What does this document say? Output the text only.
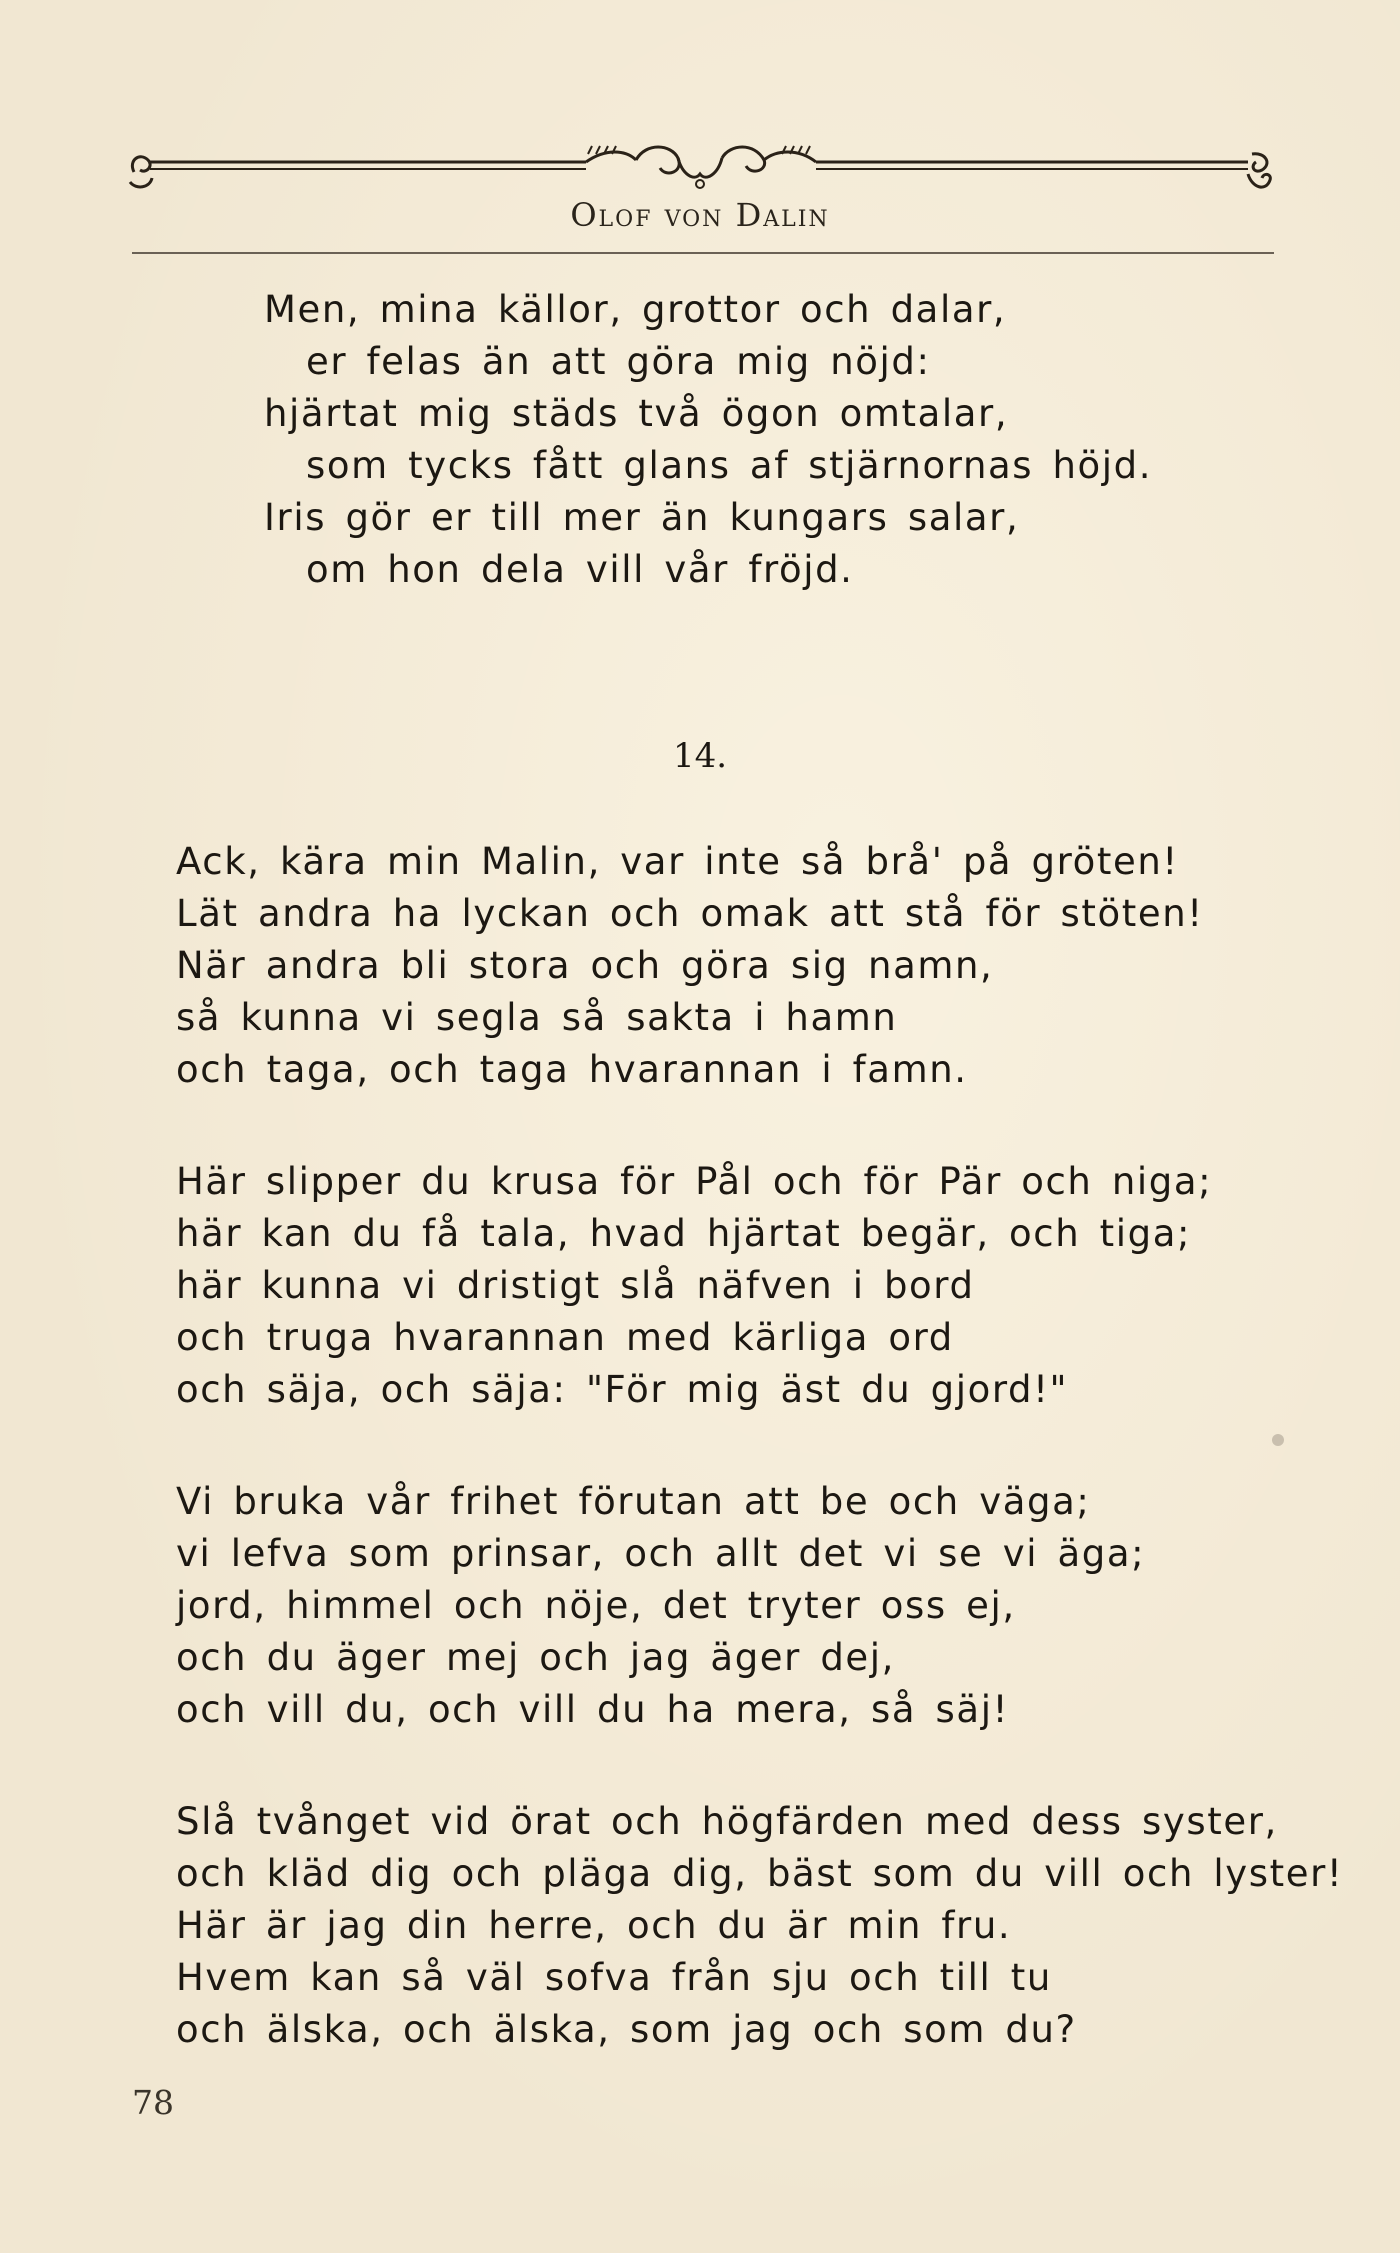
Olof von Dalin
Men, mina källor, grottor och dalar,
er felas än att göra mig nöjd:
hjärtat mig städs två ögon omtalar,
som tycks fått glans af stjärnornas höjd.
Iris gör er till mer än kungars salar,
om hon dela vill vår fröjd.
14.
Ack, kära min Malin, var inte så brå' på gröten!
Lät andra ha lyckan och omak att stå för stöten!
När andra bli stora och göra sig namn,
så kunna vi segla så sakta i hamn
och taga, och taga hvarannan i famn.
Här slipper du krusa för Pål och för Pär och niga;
här kan du få tala, hvad hjärtat begär, och tiga;
här kunna vi dristigt slå näfven i bord
och truga hvarannan med kärliga ord
och säja, och säja: "För mig äst du gjord!"
Vi bruka vår frihet förutan att be och väga;
vi lefva som prinsar, och allt det vi se vi äga;
jord, himmel och nöje, det tryter oss ej,
och du äger mej och jag äger dej,
och vill du, och vill du ha mera, så säj!
Slå tvånget vid örat och högfärden med dess syster,
och kläd dig och pläga dig, bäst som du vill och lyster!
Här är jag din herre, och du är min fru.
Hvem kan så väl sofva från sju och till tu
och älska, och älska, som jag och som du?
78
